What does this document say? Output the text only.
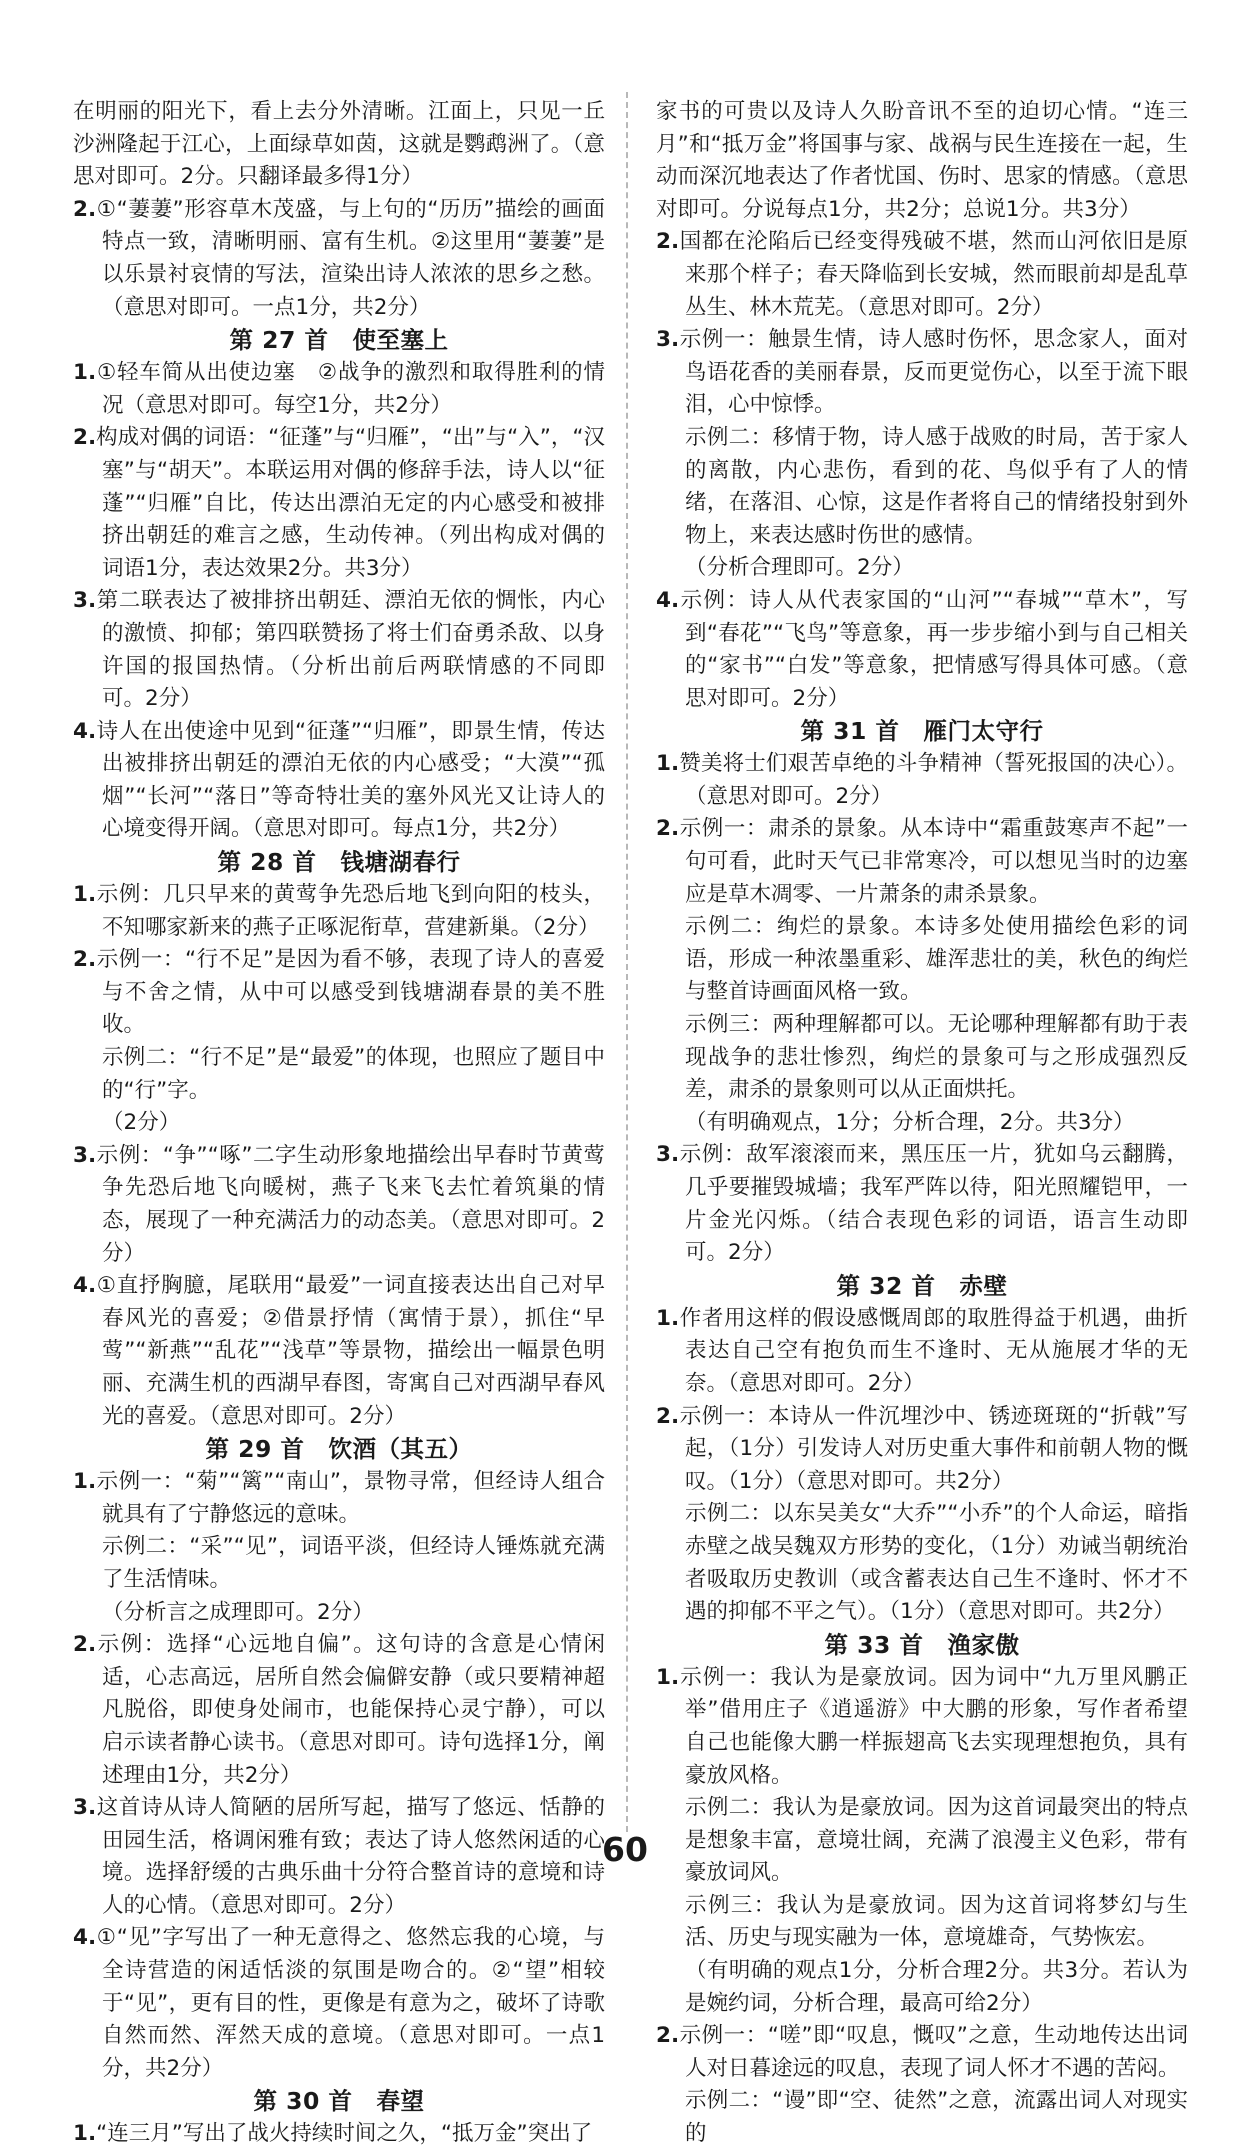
在明丽的阳光下，看上去分外清晰。江面上，只见一丘沙洲隆起于江心，上面绿草如茵，这就是鹦鹉洲了。（意思对即可。2分。只翻译最多得1分）

2.①“萋萋”形容草木茂盛，与上句的“历历”描绘的画面特点一致，清晰明丽、富有生机。②这里用“萋萋”是以乐景衬哀情的写法，渲染出诗人浓浓的思乡之愁。（意思对即可。一点1分，共2分）

第 27 首　使至塞上

1.①轻车简从出使边塞　②战争的激烈和取得胜利的情况（意思对即可。每空1分，共2分）

2.构成对偶的词语：“征蓬”与“归雁”，“出”与“入”，“汉塞”与“胡天”。本联运用对偶的修辞手法，诗人以“征蓬”“归雁”自比，传达出漂泊无定的内心感受和被排挤出朝廷的难言之感，生动传神。（列出构成对偶的词语1分，表达效果2分。共3分）

3.第二联表达了被排挤出朝廷、漂泊无依的惆怅，内心的激愤、抑郁；第四联赞扬了将士们奋勇杀敌、以身许国的报国热情。（分析出前后两联情感的不同即可。2分）

4.诗人在出使途中见到“征蓬”“归雁”，即景生情，传达出被排挤出朝廷的漂泊无依的内心感受；“大漠”“孤烟”“长河”“落日”等奇特壮美的塞外风光又让诗人的心境变得开阔。（意思对即可。每点1分，共2分）

第 28 首　钱塘湖春行

1.示例：几只早来的黄莺争先恐后地飞到向阳的枝头，不知哪家新来的燕子正啄泥衔草，营建新巢。（2分）

2.示例一：“行不足”是因为看不够，表现了诗人的喜爱与不舍之情，从中可以感受到钱塘湖春景的美不胜收。

示例二：“行不足”是“最爱”的体现，也照应了题目中的“行”字。

（2分）

3.示例：“争”“啄”二字生动形象地描绘出早春时节黄莺争先恐后地飞向暖树，燕子飞来飞去忙着筑巢的情态，展现了一种充满活力的动态美。（意思对即可。2分）

4.①直抒胸臆，尾联用“最爱”一词直接表达出自己对早春风光的喜爱；②借景抒情（寓情于景），抓住“早莺”“新燕”“乱花”“浅草”等景物，描绘出一幅景色明丽、充满生机的西湖早春图，寄寓自己对西湖早春风光的喜爱。（意思对即可。2分）

第 29 首　饮酒（其五）

1.示例一：“菊”“篱”“南山”，景物寻常，但经诗人组合就具有了宁静悠远的意味。

示例二：“采”“见”，词语平淡，但经诗人锤炼就充满了生活情味。

（分析言之成理即可。2分）

2.示例：选择“心远地自偏”。这句诗的含意是心情闲适，心志高远，居所自然会偏僻安静（或只要精神超凡脱俗，即使身处闹市，也能保持心灵宁静），可以启示读者静心读书。（意思对即可。诗句选择1分，阐述理由1分，共2分）

3.这首诗从诗人简陋的居所写起，描写了悠远、恬静的田园生活，格调闲雅有致；表达了诗人悠然闲适的心境。选择舒缓的古典乐曲十分符合整首诗的意境和诗人的心情。（意思对即可。2分）

4.①“见”字写出了一种无意得之、悠然忘我的心境，与全诗营造的闲适恬淡的氛围是吻合的。②“望”相较于“见”，更有目的性，更像是有意为之，破坏了诗歌自然而然、浑然天成的意境。（意思对即可。一点1分，共2分）

第 30 首　春望

1.“连三月”写出了战火持续时间之久，“抵万金”突出了

家书的可贵以及诗人久盼音讯不至的迫切心情。“连三月”和“抵万金”将国事与家、战祸与民生连接在一起，生动而深沉地表达了作者忧国、伤时、思家的情感。（意思对即可。分说每点1分，共2分；总说1分。共3分）

2.国都在沦陷后已经变得残破不堪，然而山河依旧是原来那个样子；春天降临到长安城，然而眼前却是乱草丛生、林木荒芜。（意思对即可。2分）

3.示例一：触景生情，诗人感时伤怀，思念家人，面对鸟语花香的美丽春景，反而更觉伤心，以至于流下眼泪，心中惊悸。

示例二：移情于物，诗人感于战败的时局，苦于家人的离散，内心悲伤，看到的花、鸟似乎有了人的情绪，在落泪、心惊，这是作者将自己的情绪投射到外物上，来表达感时伤世的感情。

（分析合理即可。2分）

4.示例：诗人从代表家国的“山河”“春城”“草木”，写到“春花”“飞鸟”等意象，再一步步缩小到与自己相关的“家书”“白发”等意象，把情感写得具体可感。（意思对即可。2分）

第 31 首　雁门太守行

1.赞美将士们艰苦卓绝的斗争精神（誓死报国的决心）。（意思对即可。2分）

2.示例一：肃杀的景象。从本诗中“霜重鼓寒声不起”一句可看，此时天气已非常寒冷，可以想见当时的边塞应是草木凋零、一片萧条的肃杀景象。

示例二：绚烂的景象。本诗多处使用描绘色彩的词语，形成一种浓墨重彩、雄浑悲壮的美，秋色的绚烂与整首诗画面风格一致。

示例三：两种理解都可以。无论哪种理解都有助于表现战争的悲壮惨烈，绚烂的景象可与之形成强烈反差，肃杀的景象则可以从正面烘托。

（有明确观点，1分；分析合理，2分。共3分）

3.示例：敌军滚滚而来，黑压压一片，犹如乌云翻腾，几乎要摧毁城墙；我军严阵以待，阳光照耀铠甲，一片金光闪烁。（结合表现色彩的词语，语言生动即可。2分）

第 32 首　赤壁

1.作者用这样的假设感慨周郎的取胜得益于机遇，曲折表达自己空有抱负而生不逢时、无从施展才华的无奈。（意思对即可。2分）

2.示例一：本诗从一件沉埋沙中、锈迹斑斑的“折戟”写起，（1分）引发诗人对历史重大事件和前朝人物的慨叹。（1分）（意思对即可。共2分）

示例二：以东吴美女“大乔”“小乔”的个人命运，暗指赤壁之战吴魏双方形势的变化，（1分）劝诫当朝统治者吸取历史教训（或含蓄表达自己生不逢时、怀才不遇的抑郁不平之气）。（1分）（意思对即可。共2分）

第 33 首　渔家傲

1.示例一：我认为是豪放词。因为词中“九万里风鹏正举”借用庄子《逍遥游》中大鹏的形象，写作者希望自己也能像大鹏一样振翅高飞去实现理想抱负，具有豪放风格。

示例二：我认为是豪放词。因为这首词最突出的特点是想象丰富，意境壮阔，充满了浪漫主义色彩，带有豪放词风。

示例三：我认为是豪放词。因为这首词将梦幻与生活、历史与现实融为一体，意境雄奇，气势恢宏。

（有明确的观点1分，分析合理2分。共3分。若认为是婉约词，分析合理，最高可给2分）

2.示例一：“嗟”即“叹息，慨叹”之意，生动地传达出词人对日暮途远的叹息，表现了词人怀才不遇的苦闷。

示例二：“谩”即“空、徒然”之意，流露出词人对现实的

60
